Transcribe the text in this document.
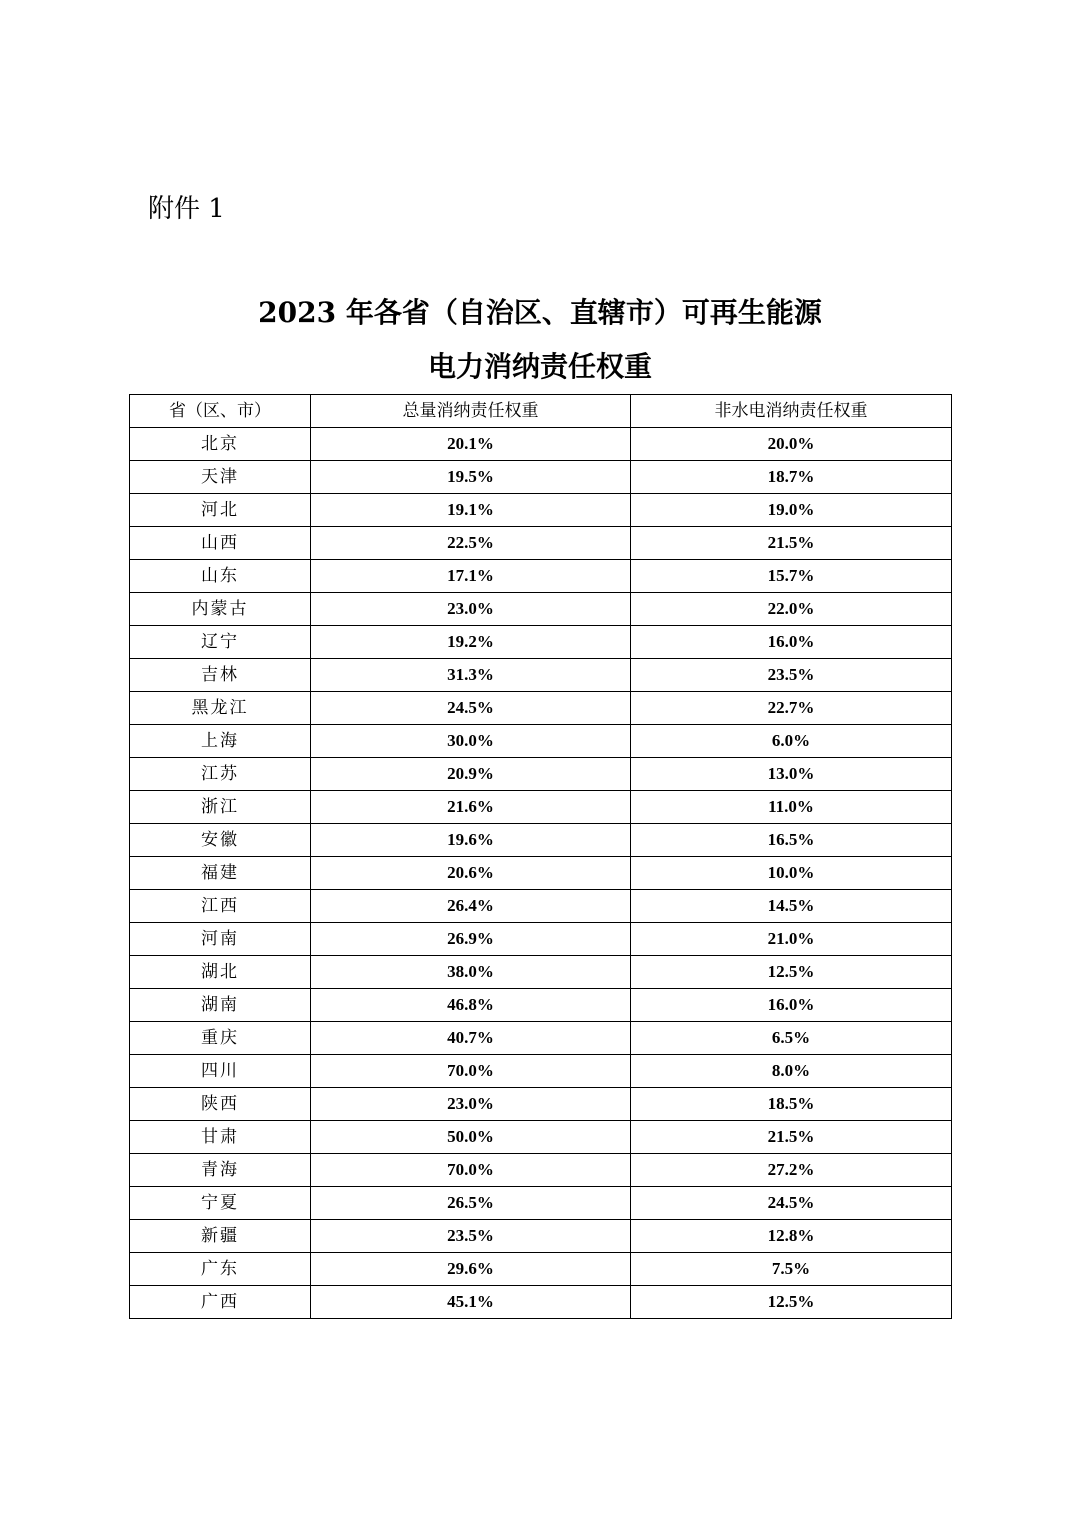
附件 1
2023 年各省（自治区、直辖市）可再生能源
电力消纳责任权重
省（区、市）	总量消纳责任权重	非水电消纳责任权重
北京	20.1%	20.0%
天津	19.5%	18.7%
河北	19.1%	19.0%
山西	22.5%	21.5%
山东	17.1%	15.7%
内蒙古	23.0%	22.0%
辽宁	19.2%	16.0%
吉林	31.3%	23.5%
黑龙江	24.5%	22.7%
上海	30.0%	6.0%
江苏	20.9%	13.0%
浙江	21.6%	11.0%
安徽	19.6%	16.5%
福建	20.6%	10.0%
江西	26.4%	14.5%
河南	26.9%	21.0%
湖北	38.0%	12.5%
湖南	46.8%	16.0%
重庆	40.7%	6.5%
四川	70.0%	8.0%
陕西	23.0%	18.5%
甘肃	50.0%	21.5%
青海	70.0%	27.2%
宁夏	26.5%	24.5%
新疆	23.5%	12.8%
广东	29.6%	7.5%
广西	45.1%	12.5%
